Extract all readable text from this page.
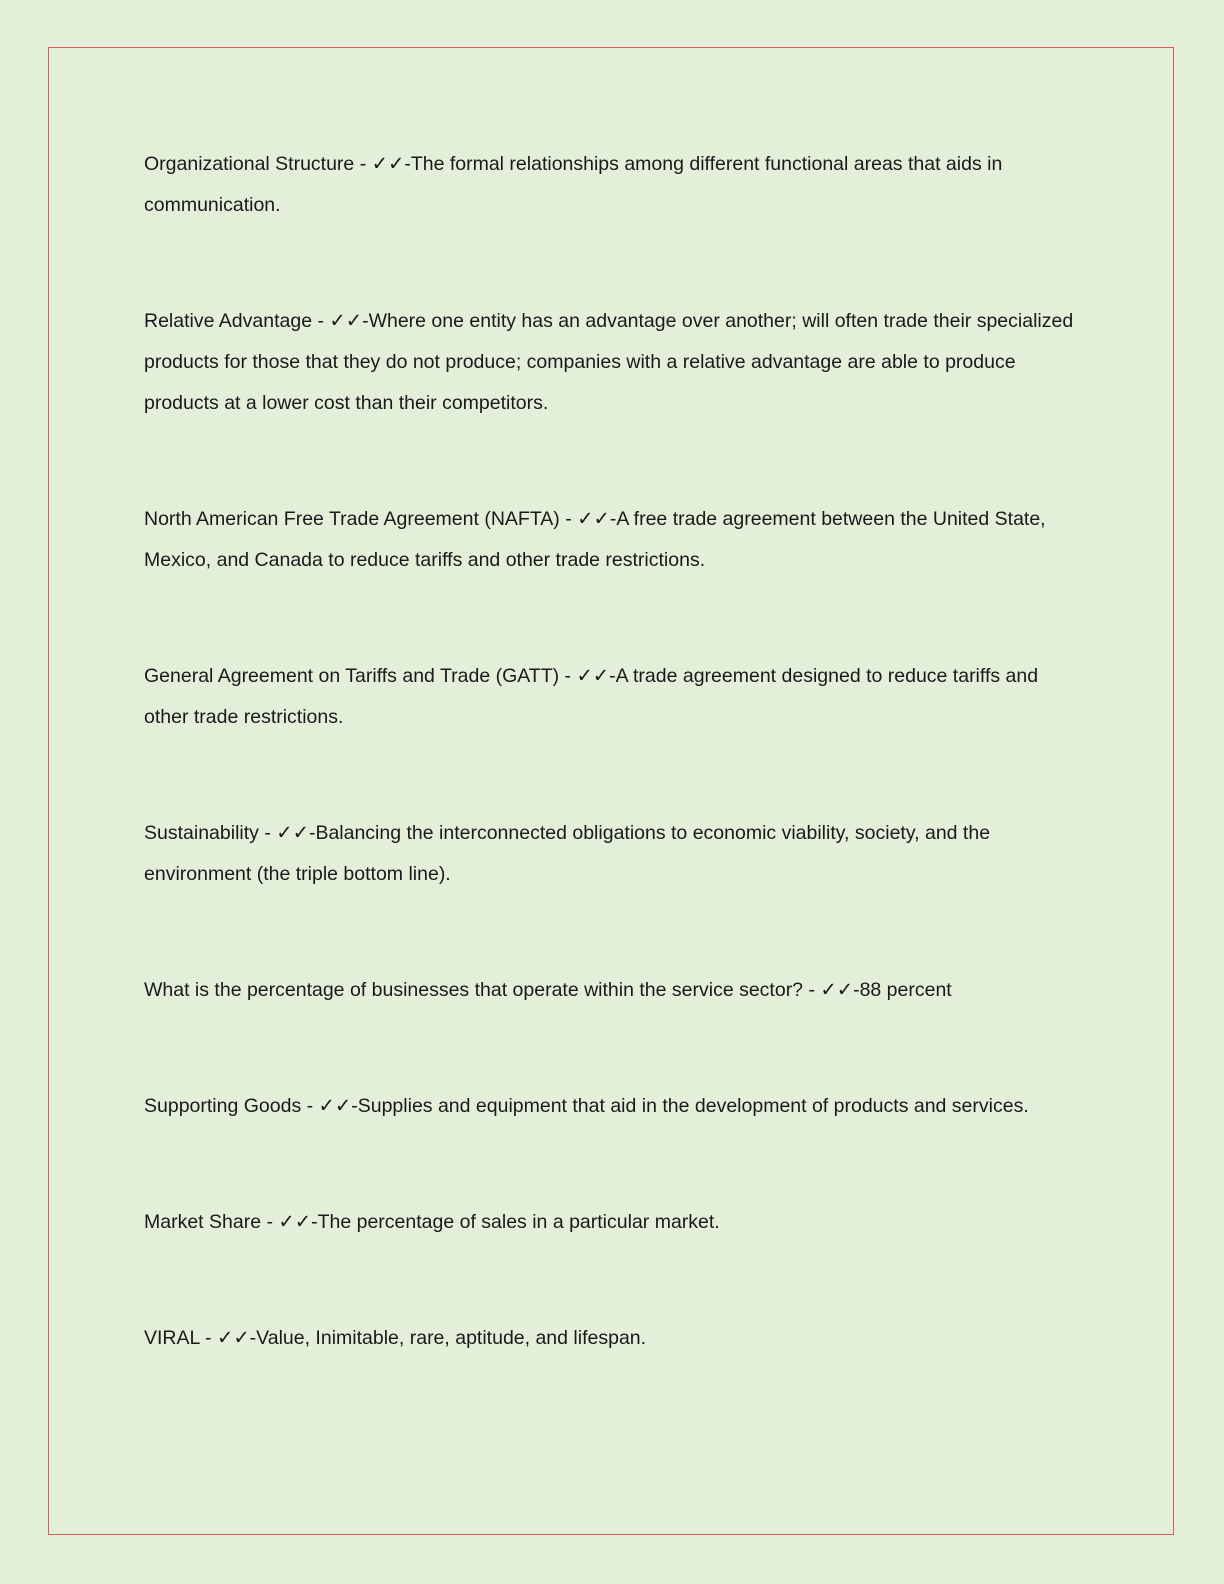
Organizational Structure - ✓✓-The formal relationships among different functional areas that aids in communication.

Relative Advantage - ✓✓-Where one entity has an advantage over another; will often trade their specialized products for those that they do not produce; companies with a relative advantage are able to produce products at a lower cost than their competitors.

North American Free Trade Agreement (NAFTA) - ✓✓-A free trade agreement between the United State, Mexico, and Canada to reduce tariffs and other trade restrictions.

General Agreement on Tariffs and Trade (GATT) - ✓✓-A trade agreement designed to reduce tariffs and other trade restrictions.

Sustainability - ✓✓-Balancing the interconnected obligations to economic viability, society, and the environment (the triple bottom line).

What is the percentage of businesses that operate within the service sector? - ✓✓-88 percent

Supporting Goods - ✓✓-Supplies and equipment that aid in the development of products and services.

Market Share - ✓✓-The percentage of sales in a particular market.

VIRAL - ✓✓-Value, Inimitable, rare, aptitude, and lifespan.
